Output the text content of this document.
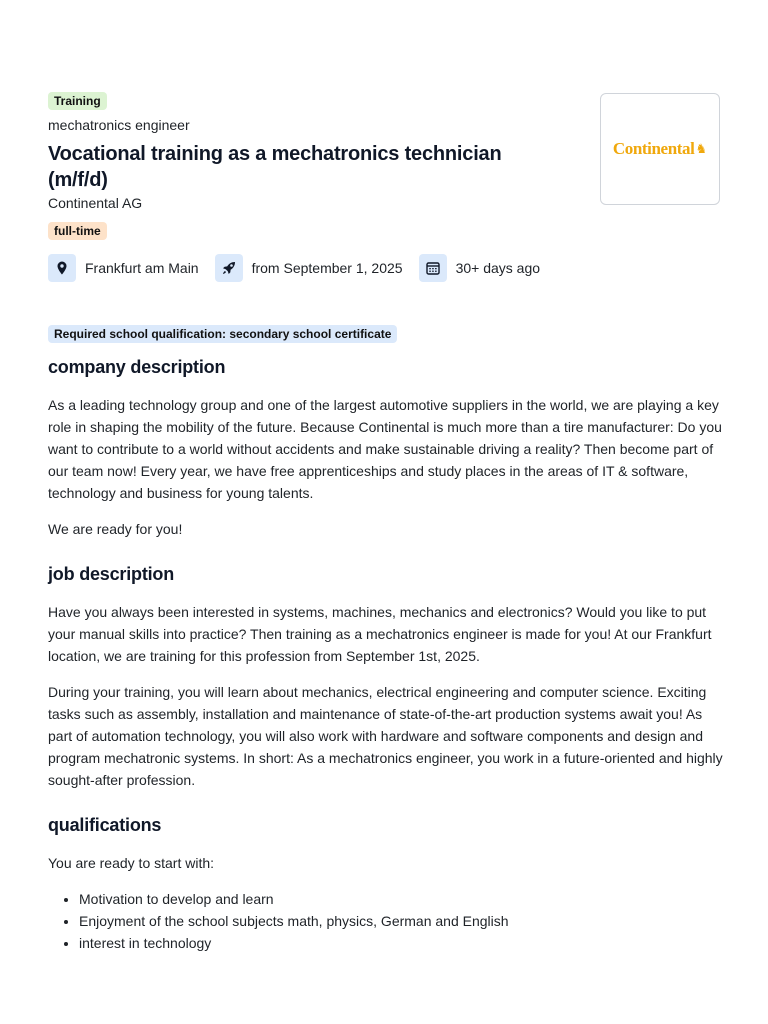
Training
mechatronics engineer
Vocational training as a mechatronics technician (m/f/d)
Continental AG
Continental ♞
full-time
Frankfurt am Main	from September 1, 2025	30+ days ago
Required school qualification: secondary school certificate
company description

As a leading technology group and one of the largest automotive suppliers in the world, we are playing a key role in shaping the mobility of the future. Because Continental is much more than a tire manufacturer: Do you want to contribute to a world without accidents and make sustainable driving a reality? Then become part of our team now! Every year, we have free apprenticeships and study places in the areas of IT & software, technology and business for young talents.

We are ready for you!

job description

Have you always been interested in systems, machines, mechanics and electronics? Would you like to put your manual skills into practice? Then training as a mechatronics engineer is made for you! At our Frankfurt location, we are training for this profession from September 1st, 2025.

During your training, you will learn about mechanics, electrical engineering and computer science. Exciting tasks such as assembly, installation and maintenance of state-of-the-art production systems await you! As part of automation technology, you will also work with hardware and software components and design and program mechatronic systems. In short: As a mechatronics engineer, you work in a future-oriented and highly sought-after profession.

qualifications

You are ready to start with:

• Motivation to develop and learn
• Enjoyment of the school subjects math, physics, German and English
• interest in technology
